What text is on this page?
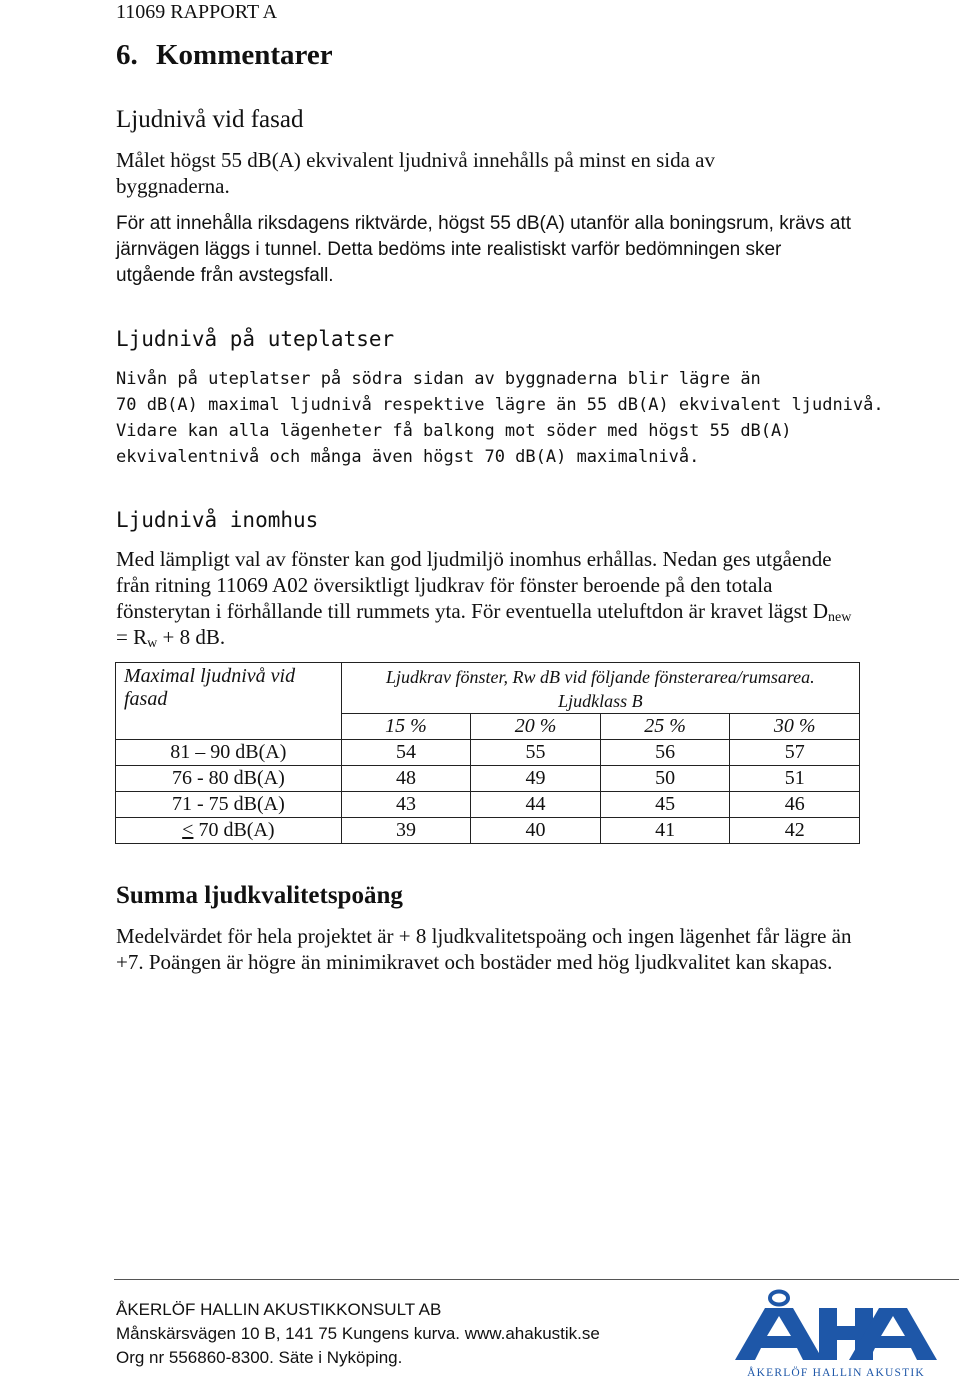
11069 RAPPORT A
6. Kommentarer
Ljudnivå vid fasad

Målet högst 55 dB(A) ekvivalent ljudnivå innehålls på minst en sida av byggnaderna.

För att innehålla riksdagens riktvärde, högst 55 dB(A) utanför alla boningsrum, krävs att järnvägen läggs i tunnel. Detta bedöms inte realistiskt varför bedömningen sker utgående från avstegsfall.

Ljudnivå på uteplatser
Nivån på uteplatser på södra sidan av byggnaderna blir lägre än
70 dB(A) maximal ljudnivå respektive lägre än 55 dB(A) ekvivalent ljudnivå.
Vidare kan alla lägenheter få balkong mot söder med högst 55 dB(A)
ekvivalentnivå och många även högst 70 dB(A) maximalnivå.
Ljudnivå inomhus

Med lämpligt val av fönster kan god ljudmiljö inomhus erhållas. Nedan ges utgående från ritning 11069 A02 översiktligt ljudkrav för fönster beroende på den totala fönsterytan i förhållande till rummets yta. För eventuella uteluftdon är kravet lägst $D_{new} = R_w + 8$ dB.

Maximal ljudnivå vid fasad	Ljudkrav fönster, Rw dB vid följande fönsterarea/rumsarea.
Ljudklass B			

	15 %	20 %	25 %	30 %
81 – 90 dB(A)	54	55	56	57
76 - 80 dB(A)	48	49	50	51
71 - 75 dB(A)	43	44	45	46
≤ 70 dB(A)	39	40	41	42
Summa ljudkvalitetspoäng

Medelvärdet för hela projektet är + 8 ljudkvalitetspoäng och ingen lägenhet får lägre än +7. Poängen är högre än minimikravet och bostäder med hög ljudkvalitet kan skapas.

ÅKERLÖF HALLIN AKUSTIKKONSULT AB
Månskärsvägen 10 B, 141 75 Kungens kurva. www.ahakustik.se
Org nr 556860-8300. Säte i Nyköping.
ÅKERLÖF HALLIN AKUSTIK
